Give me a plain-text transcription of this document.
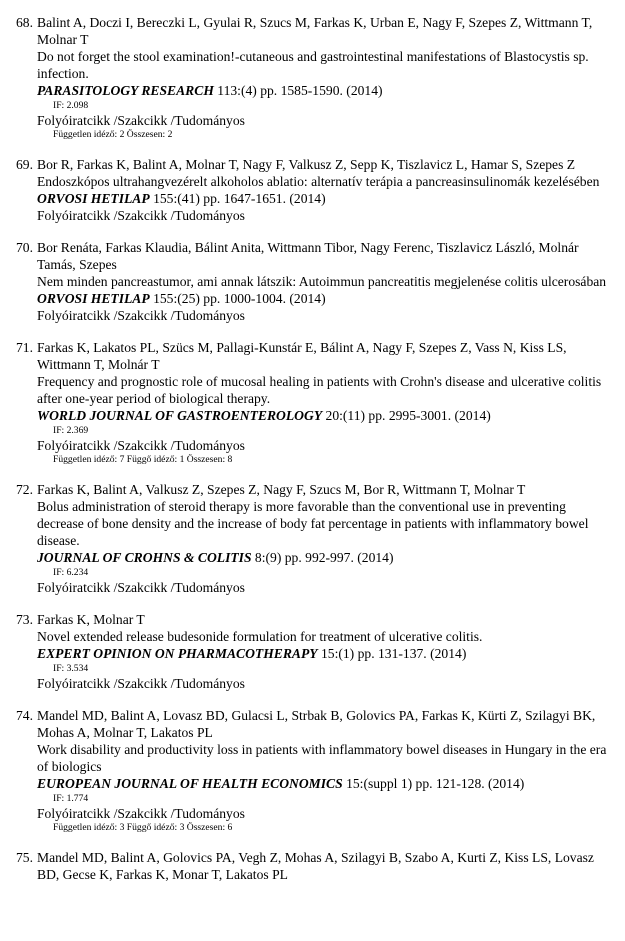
68. Balint A, Doczi I, Bereczki L, Gyulai R, Szucs M, Farkas K, Urban E, Nagy F, Szepes Z, Wittmann T, Molnar T
Do not forget the stool examination!-cutaneous and gastrointestinal manifestations of Blastocystis sp. infection.
PARASITOLOGY RESEARCH 113:(4) pp. 1585-1590. (2014)
IF: 2.098
Folyóiratcikk /Szakcikk /Tudományos
Független idéző: 2 Összesen: 2
69. Bor R, Farkas K, Balint A, Molnar T, Nagy F, Valkusz Z, Sepp K, Tiszlavicz L, Hamar S, Szepes Z
Endoszkópos ultrahangvezérelt alkoholos ablatio: alternatív terápia a pancreasinsulinomák kezelésében
ORVOSI HETILAP 155:(41) pp. 1647-1651. (2014)
Folyóiratcikk /Szakcikk /Tudományos
70. Bor Renáta, Farkas Klaudia, Bálint Anita, Wittmann Tibor, Nagy Ferenc, Tiszlavicz László, Molnár Tamás, Szepes
Nem minden pancreastumor, ami annak látszik: Autoimmun pancreatitis megjelenése colitis ulcerosában
ORVOSI HETILAP 155:(25) pp. 1000-1004. (2014)
Folyóiratcikk /Szakcikk /Tudományos
71. Farkas K, Lakatos PL, Szücs M, Pallagi-Kunstár E, Bálint A, Nagy F, Szepes Z, Vass N, Kiss LS, Wittmann T, Molnár T
Frequency and prognostic role of mucosal healing in patients with Crohn's disease and ulcerative colitis after one-year period of biological therapy.
WORLD JOURNAL OF GASTROENTEROLOGY 20:(11) pp. 2995-3001. (2014)
IF: 2.369
Folyóiratcikk /Szakcikk /Tudományos
Független idéző: 7 Függő idéző: 1 Összesen: 8
72. Farkas K, Balint A, Valkusz Z, Szepes Z, Nagy F, Szucs M, Bor R, Wittmann T, Molnar T
Bolus administration of steroid therapy is more favorable than the conventional use in preventing decrease of bone density and the increase of body fat percentage in patients with inflammatory bowel disease.
JOURNAL OF CROHNS & COLITIS 8:(9) pp. 992-997. (2014)
IF: 6.234
Folyóiratcikk /Szakcikk /Tudományos
73. Farkas K, Molnar T
Novel extended release budesonide formulation for treatment of ulcerative colitis.
EXPERT OPINION ON PHARMACOTHERAPY 15:(1) pp. 131-137. (2014)
IF: 3.534
Folyóiratcikk /Szakcikk /Tudományos
74. Mandel MD, Balint A, Lovasz BD, Gulacsi L, Strbak B, Golovics PA, Farkas K, Kürti Z, Szilagyi BK, Mohas A, Molnar T, Lakatos PL
Work disability and productivity loss in patients with inflammatory bowel diseases in Hungary in the era of biologics
EUROPEAN JOURNAL OF HEALTH ECONOMICS 15:(suppl 1) pp. 121-128. (2014)
IF: 1.774
Folyóiratcikk /Szakcikk /Tudományos
Független idéző: 3 Függő idéző: 3 Összesen: 6
75. Mandel MD, Balint A, Golovics PA, Vegh Z, Mohas A, Szilagyi B, Szabo A, Kurti Z, Kiss LS, Lovasz BD, Gecse K, Farkas K, Monar T, Lakatos PL
